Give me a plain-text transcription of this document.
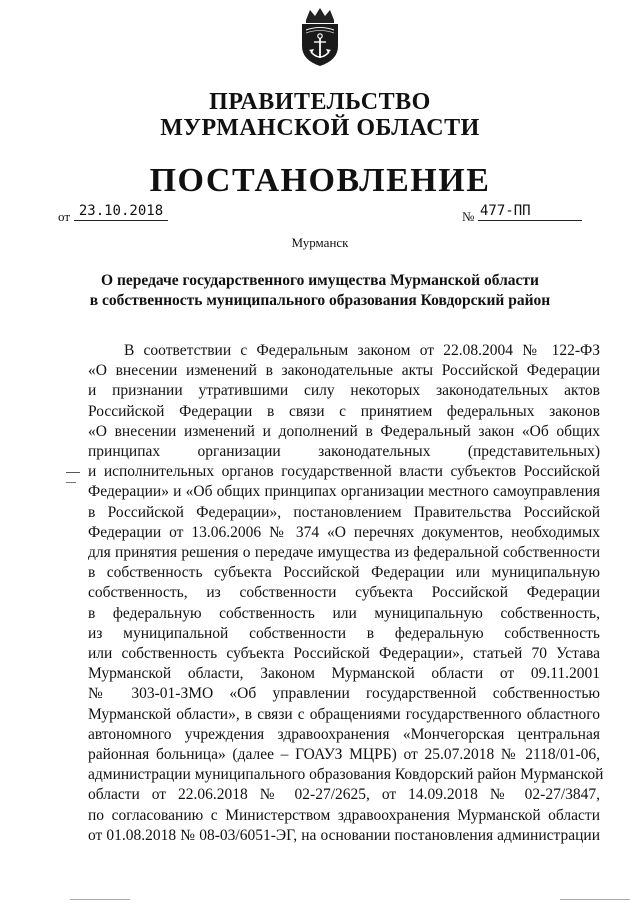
ПРАВИТЕЛЬСТВО
МУРМАНСКОЙ ОБЛАСТИ
ПОСТАНОВЛЕНИЕ
от 23.10.2018	№ 477-ПП
Мурманск
О передаче государственного имущества Мурманской области
в собственность муниципального образования Ковдорский район
В соответствии с Федеральным законом от 22.08.2004 № 122-ФЗ
«О внесении изменений в законодательные акты Российской Федерации
и признании утратившими силу некоторых законодательных актов
Российской Федерации в связи с принятием федеральных законов
«О внесении изменений и дополнений в Федеральный закон «Об общих
принципах организации законодательных (представительных)
и исполнительных органов государственной власти субъектов Российской
Федерации» и «Об общих принципах организации местного самоуправления
в Российской Федерации», постановлением Правительства Российской
Федерации от 13.06.2006 № 374 «О перечнях документов, необходимых
для принятия решения о передаче имущества из федеральной собственности
в собственность субъекта Российской Федерации или муниципальную
собственность, из собственности субъекта Российской Федерации
в федеральную собственность или муниципальную собственность,
из муниципальной собственности в федеральную собственность
или собственность субъекта Российской Федерации», статьей 70 Устава
Мурманской области, Законом Мурманской области от 09.11.2001
№ 303-01-ЗМО «Об управлении государственной собственностью
Мурманской области», в связи с обращениями государственного областного
автономного учреждения здравоохранения «Мончегорская центральная
районная больница» (далее – ГОАУЗ МЦРБ) от 25.07.2018 № 2118/01-06,
администрации муниципального образования Ковдорский район Мурманской
области от 22.06.2018 № 02-27/2625, от 14.09.2018 № 02-27/3847,
по согласованию с Министерством здравоохранения Мурманской области
от 01.08.2018 № 08-03/6051-ЭГ, на основании постановления администрации
